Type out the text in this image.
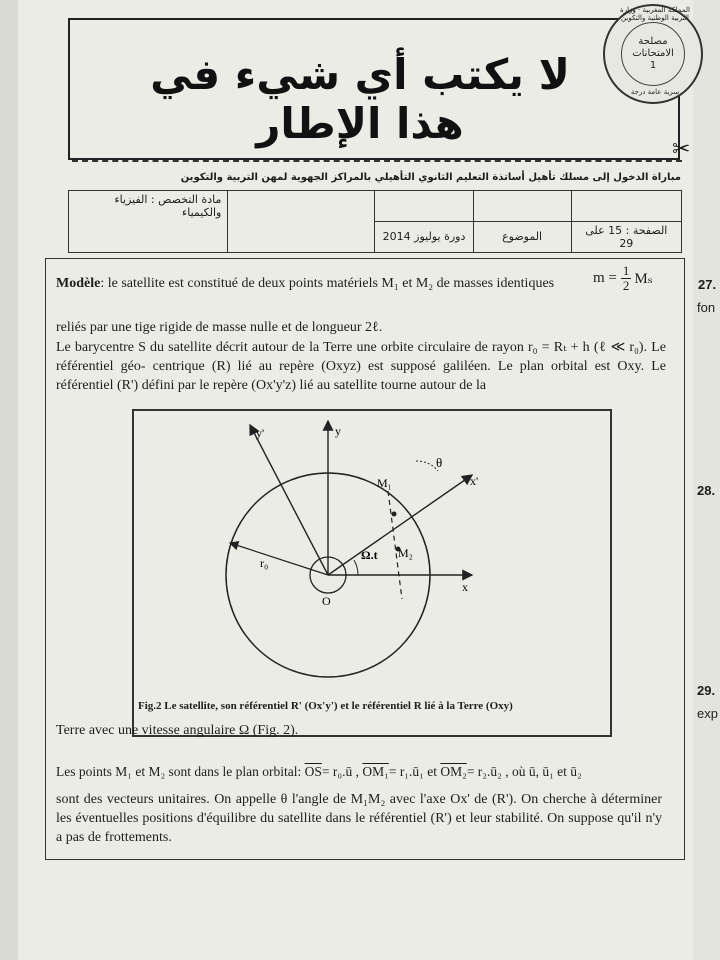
لا يكتب أي شيء في هذا الإطار
المملكة المغربية · وزارة التربية الوطنية والتكوين
مصلحة
الامتحانات
1
سرية عامة درجة
✂
مباراة الدخول إلى مسلك تأهيل أساتذة التعليم الثانوي التأهيلي بالمراكز الجهوية لمهن التربية والتكوين
مادة التخصص : الفيزياء والكيمياء				
		دورة يوليوز 2014	الموضوع	الصفحة : 15 على 29
Modèle: le satellite est constitué de deux points matériels M₁ et M₂ de masses identiques	$m = \frac{1}{2}$ Mₛ
reliés par une tige rigide de masse nulle et de longueur 2ℓ.
Le barycentre S du satellite décrit autour de la Terre une orbite circulaire de rayon r₀ = Rₜ + h (ℓ ≪ r₀). Le référentiel géo- centrique (R) lié au repère (Oxyz) est supposé galiléen. Le plan orbital est Oxy. Le référentiel (R') défini par le repère (Ox'y'z) lié au satellite tourne autour de la
y
y'
x
x'
O
r₀
Ω.t
θ
M₁
M₂
Fig.2 Le satellite, son référentiel R' (Ox'y') et le référentiel R lié à la Terre (Oxy)
Terre avec une vitesse angulaire Ω (Fig. 2).
Les points M₁ et M₂ sont dans le plan orbital: $\overline{OS}=$ r₀.ū , OM₁= r₁.ū₁ et OM₂= r₂.ū₂ , où ū, ū₁ et ū₂
sont des vecteurs unitaires. On appelle θ l'angle de M₁M₂ avec l'axe Ox' de (R'). On cherche à déterminer les éventuelles positions d'équilibre du satellite dans le référentiel (R') et leur stabilité. On suppose qu'il n'y a pas de frottements.
27.
fon
28.
29.
exp
